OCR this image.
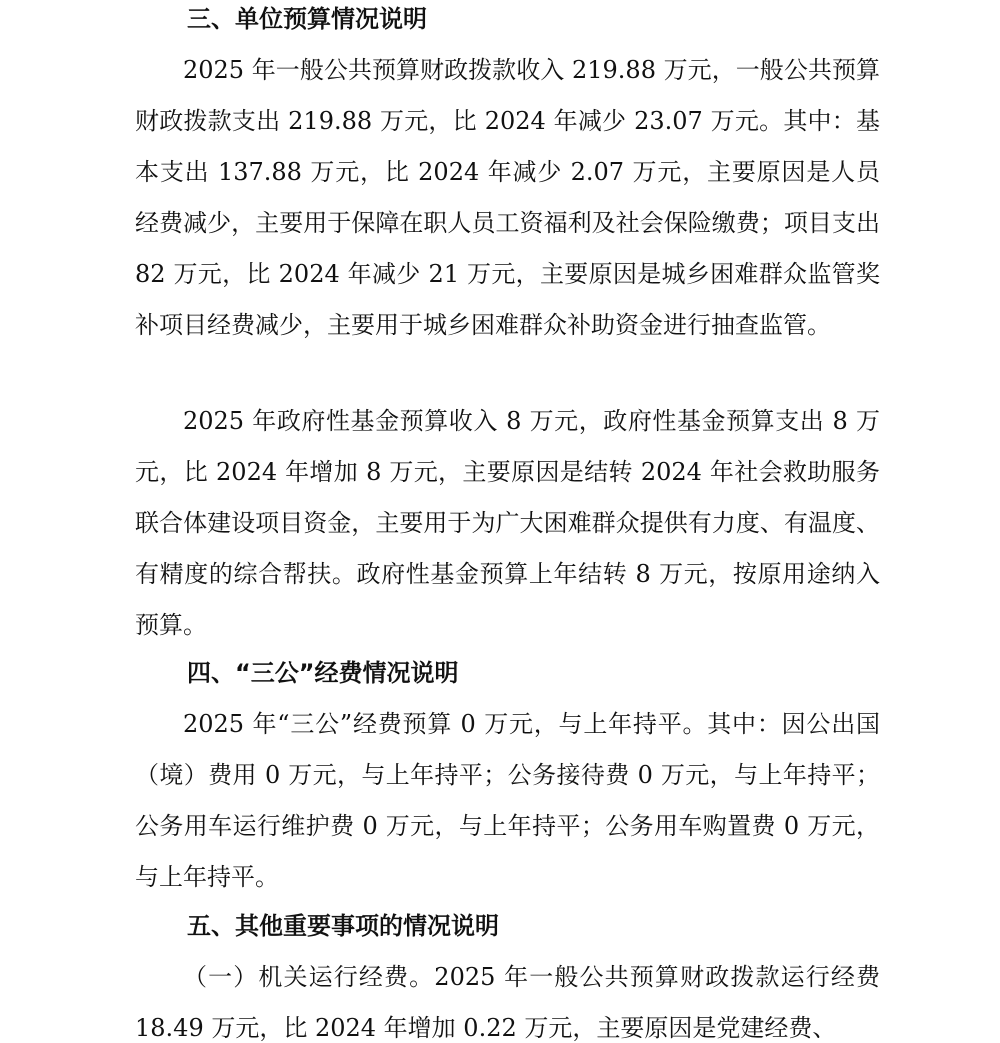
三、单位预算情况说明

2025 年一般公共预算财政拨款收入 219.88 万元，一般公共预算财政拨款支出 219.88 万元，比 2024 年减少 23.07 万元。其中：基本支出 137.88 万元，比 2024 年减少 2.07 万元，主要原因是人员经费减少，主要用于保障在职人员工资福利及社会保险缴费；项目支出 82 万元，比 2024 年减少 21 万元，主要原因是城乡困难群众监管奖补项目经费减少，主要用于城乡困难群众补助资金进行抽查监管。

2025 年政府性基金预算收入 8 万元，政府性基金预算支出 8 万元，比 2024 年增加 8 万元，主要原因是结转 2024 年社会救助服务联合体建设项目资金，主要用于为广大困难群众提供有力度、有温度、有精度的综合帮扶。政府性基金预算上年结转 8 万元，按原用途纳入预算。

四、“三公”经费情况说明

2025 年“三公”经费预算 0 万元，与上年持平。其中：因公出国（境）费用 0 万元，与上年持平；公务接待费 0 万元，与上年持平；公务用车运行维护费 0 万元，与上年持平；公务用车购置费 0 万元，与上年持平。

五、其他重要事项的情况说明

（一）机关运行经费。2025 年一般公共预算财政拨款运行经费 18.49 万元，比 2024 年增加 0.22 万元，主要原因是党建经费、
